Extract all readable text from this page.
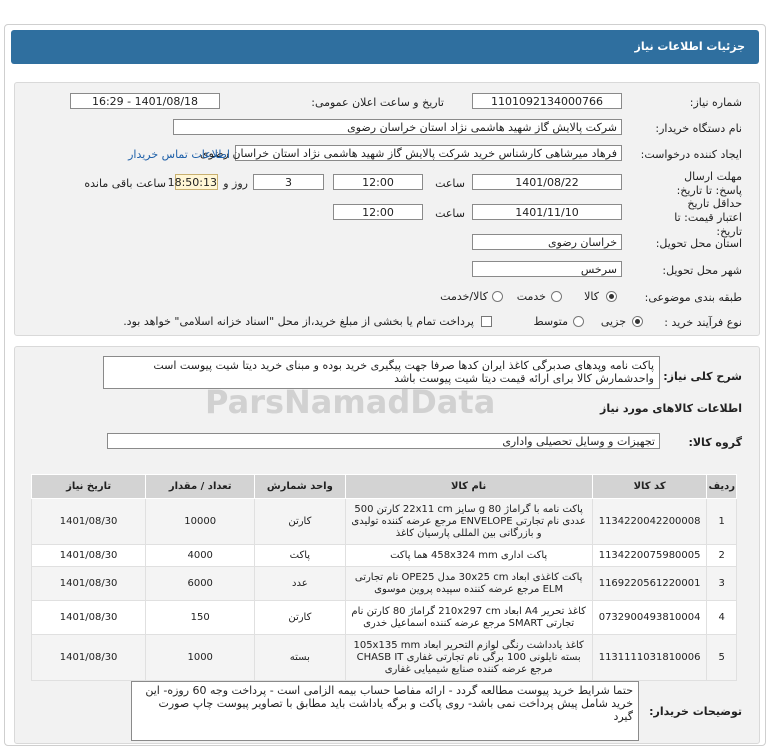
جزئیات اطلاعات نیاز
شماره نیاز:
1101092134000766
تاریخ و ساعت اعلان عمومی:
1401/08/18 - 16:29
نام دستگاه خریدار:
شرکت پالایش گاز شهید هاشمی نژاد استان خراسان رضوی
ایجاد کننده درخواست:
فرهاد میرشاهی کارشناس خرید شرکت پالایش گاز شهید هاشمی نژاد استان خراسان رضوی
اطلاعات تماس خریدار
مهلت ارسال پاسخ: تا تاریخ:
1401/08/22
ساعت
12:00
3
روز و
18:50:13
ساعت باقی مانده
حداقل تاریخ اعتبار قیمت: تا تاریخ:
1401/11/10
ساعت
12:00
استان محل تحویل:
خراسان رضوی
شهر محل تحویل:
سرخس
طبقه بندی موضوعی:
کالا
خدمت
کالا/خدمت
نوع فرآیند خرید :
جزیی
متوسط
پرداخت تمام یا بخشی از مبلغ خرید،از محل "اسناد خزانه اسلامی" خواهد بود.
شرح کلی نیاز:
پاکت نامه وپدهای صدبرگی کاغذ ایران کدها صرفا جهت پیگیری خرید بوده و مبنای خرید دیتا شیت پیوست است واحدشمارش کالا برای ارائه قیمت دیتا شیت پیوست باشد
اطلاعات کالاهای مورد نیاز
گروه کالا:
تجهیزات و وسایل تحصیلی واداری
ParsNamadData
ردیف	کد کالا	نام کالا	واحد شمارش	تعداد / مقدار	تاریخ نیاز
1	1134220042200008	پاکت نامه با گراماژ 80 g سایز 22x11 cm کارتن 500 عددی نام تجارتی ENVELOPE مرجع عرضه کننده تولیدی و بازرگانی بین المللی پارسیان کاغذ	کارتن	10000	1401/08/30
2	1134220075980005	پاکت اداری 458x324 mm هما پاکت	پاکت	4000	1401/08/30
3	1169220561220001	پاکت کاغذی ابعاد 30x25 cm مدل OPE25 نام تجارتی ELM مرجع عرضه کننده سپیده پروین موسوی	عدد	6000	1401/08/30
4	0732900493810004	کاغذ تحریر A4 ابعاد 210x297 cm گراماژ 80 کارتن نام تجارتی SMART مرجع عرضه کننده اسماعیل خدری	کارتن	150	1401/08/30
5	1131111031810006	کاغذ یادداشت رنگی لوازم التحریر ابعاد 105x135 mm بسته نایلونی 100 برگی نام تجارتی غفاری CHASB IT مرجع عرضه کننده صنایع شیمیایی غفاری	بسته	1000	1401/08/30
توضیحات خریدار:
حتما شرایط خرید پیوست مطالعه گردد - ارائه مفاصا حساب بیمه الزامی است - پرداخت وجه 60 روزه- این خرید شامل پیش پرداخت نمی باشد- روی پاکت و برگه یاداشت باید مطابق با تصاویر پیوست چاپ صورت گیرد
